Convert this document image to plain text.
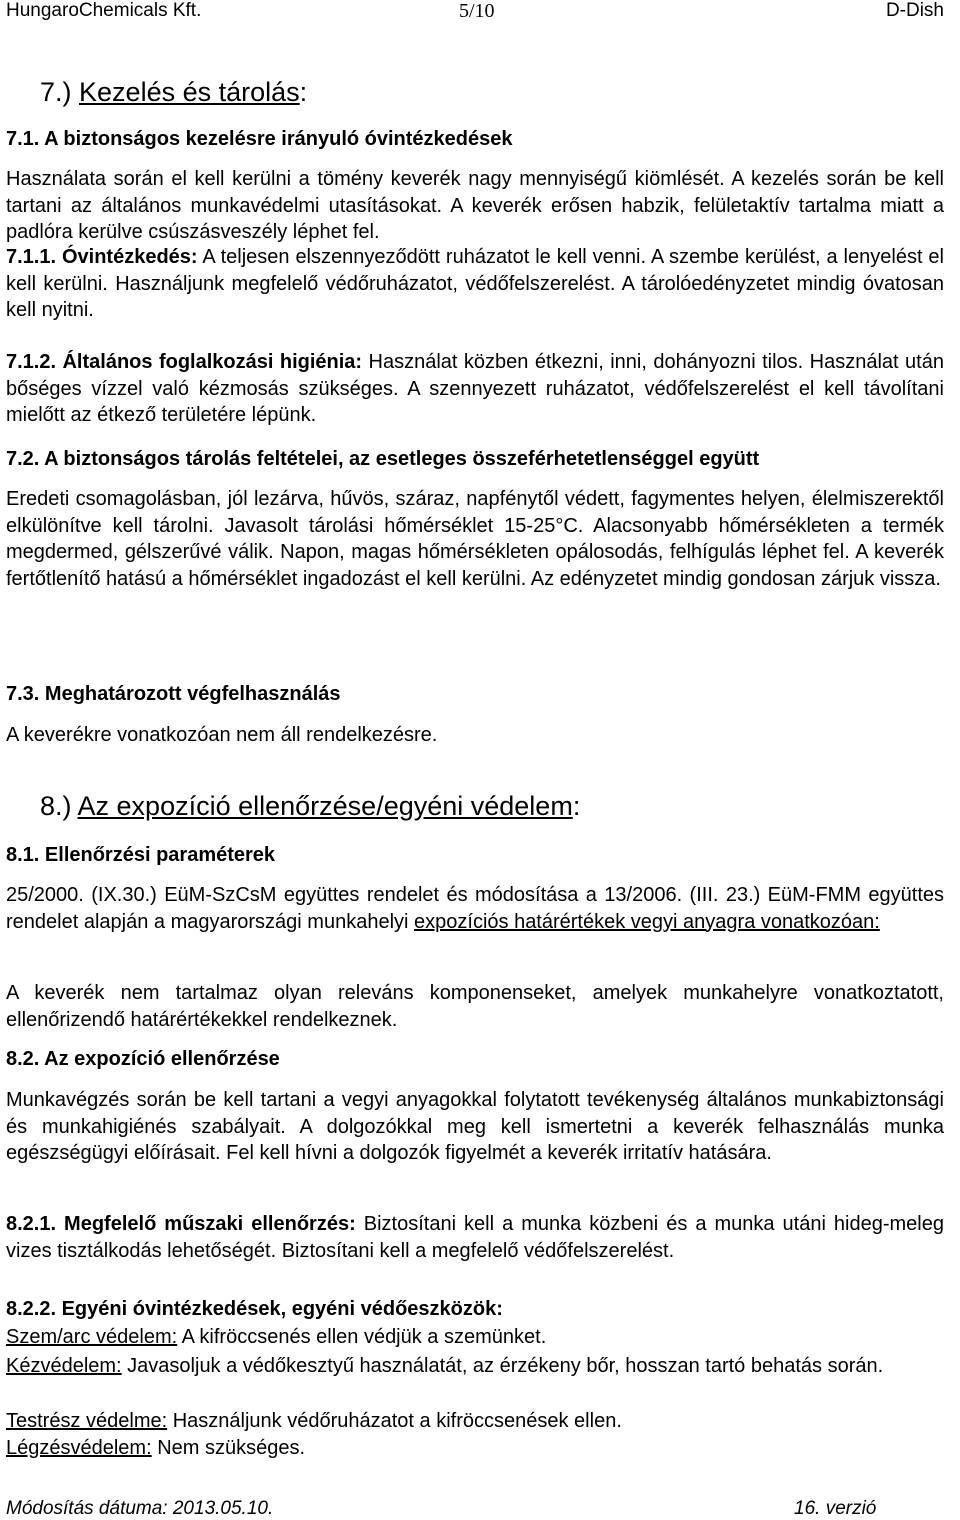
HungaroChemicals Kft.	5/10	D-Dish
7.) Kezelés és tárolás:
7.1. A biztonságos kezelésre irányuló óvintézkedések
Használata során el kell kerülni a tömény keverék nagy mennyiségű kiömlését. A kezelés során be kell tartani az általános munkavédelmi utasításokat. A keverék erősen habzik, felületaktív tartalma miatt a padlóra kerülve csúszásveszély léphet fel.
7.1.1. Óvintézkedés: A teljesen elszennyeződött ruházatot le kell venni. A szembe kerülést, a lenyelést el kell kerülni. Használjunk megfelelő védőruházatot, védőfelszerelést. A tárolóedényzetet mindig óvatosan kell nyitni.
7.1.2. Általános foglalkozási higiénia: Használat közben étkezni, inni, dohányozni tilos. Használat után bőséges vízzel való kézmosás szükséges. A szennyezett ruházatot, védőfelszerelést el kell távolítani mielőtt az étkező területére lépünk.
7.2. A biztonságos tárolás feltételei, az esetleges összeférhetetlenséggel együtt
Eredeti csomagolásban, jól lezárva, hűvös, száraz, napfénytől védett, fagymentes helyen, élelmiszerektől elkülönítve kell tárolni. Javasolt tárolási hőmérséklet 15-25°C. Alacsonyabb hőmérsékleten a termék megdermed, gélszerűvé válik. Napon, magas hőmérsékleten opálosodás, felhígulás léphet fel. A keverék fertőtlenítő hatású a hőmérséklet ingadozást el kell kerülni. Az edényzetet mindig gondosan zárjuk vissza.
7.3. Meghatározott végfelhasználás
A keverékre vonatkozóan nem áll rendelkezésre.
8.) Az expozíció ellenőrzése/egyéni védelem:
8.1. Ellenőrzési paraméterek
25/2000. (IX.30.) EüM-SzCsM együttes rendelet és módosítása a 13/2006. (III. 23.) EüM-FMM együttes rendelet alapján a magyarországi munkahelyi expozíciós határértékek vegyi anyagra vonatkozóan:
A keverék nem tartalmaz olyan releváns komponenseket, amelyek munkahelyre vonatkoztatott, ellenőrizendő határértékekkel rendelkeznek.
8.2. Az expozíció ellenőrzése
Munkavégzés során be kell tartani a vegyi anyagokkal folytatott tevékenység általános munkabiztonsági és munkahigiénés szabályait. A dolgozókkal meg kell ismertetni a keverék felhasználás munka egészségügyi előírásait. Fel kell hívni a dolgozók figyelmét a keverék irritatív hatására.
8.2.1. Megfelelő műszaki ellenőrzés: Biztosítani kell a munka közbeni és a munka utáni hideg-meleg vizes tisztálkodás lehetőségét. Biztosítani kell a megfelelő védőfelszerelést.
8.2.2. Egyéni óvintézkedések, egyéni védőeszközök:
Szem/arc védelem: A kifröccsenés ellen védjük a szemünket.
Kézvédelem: Javasoljuk a védőkesztyű használatát, az érzékeny bőr, hosszan tartó behatás során.
Testrész védelme: Használjunk védőruházatot a kifröccsenések ellen.
Légzésvédelem: Nem szükséges.
Módosítás dátuma: 2013.05.10.	16. verzió
